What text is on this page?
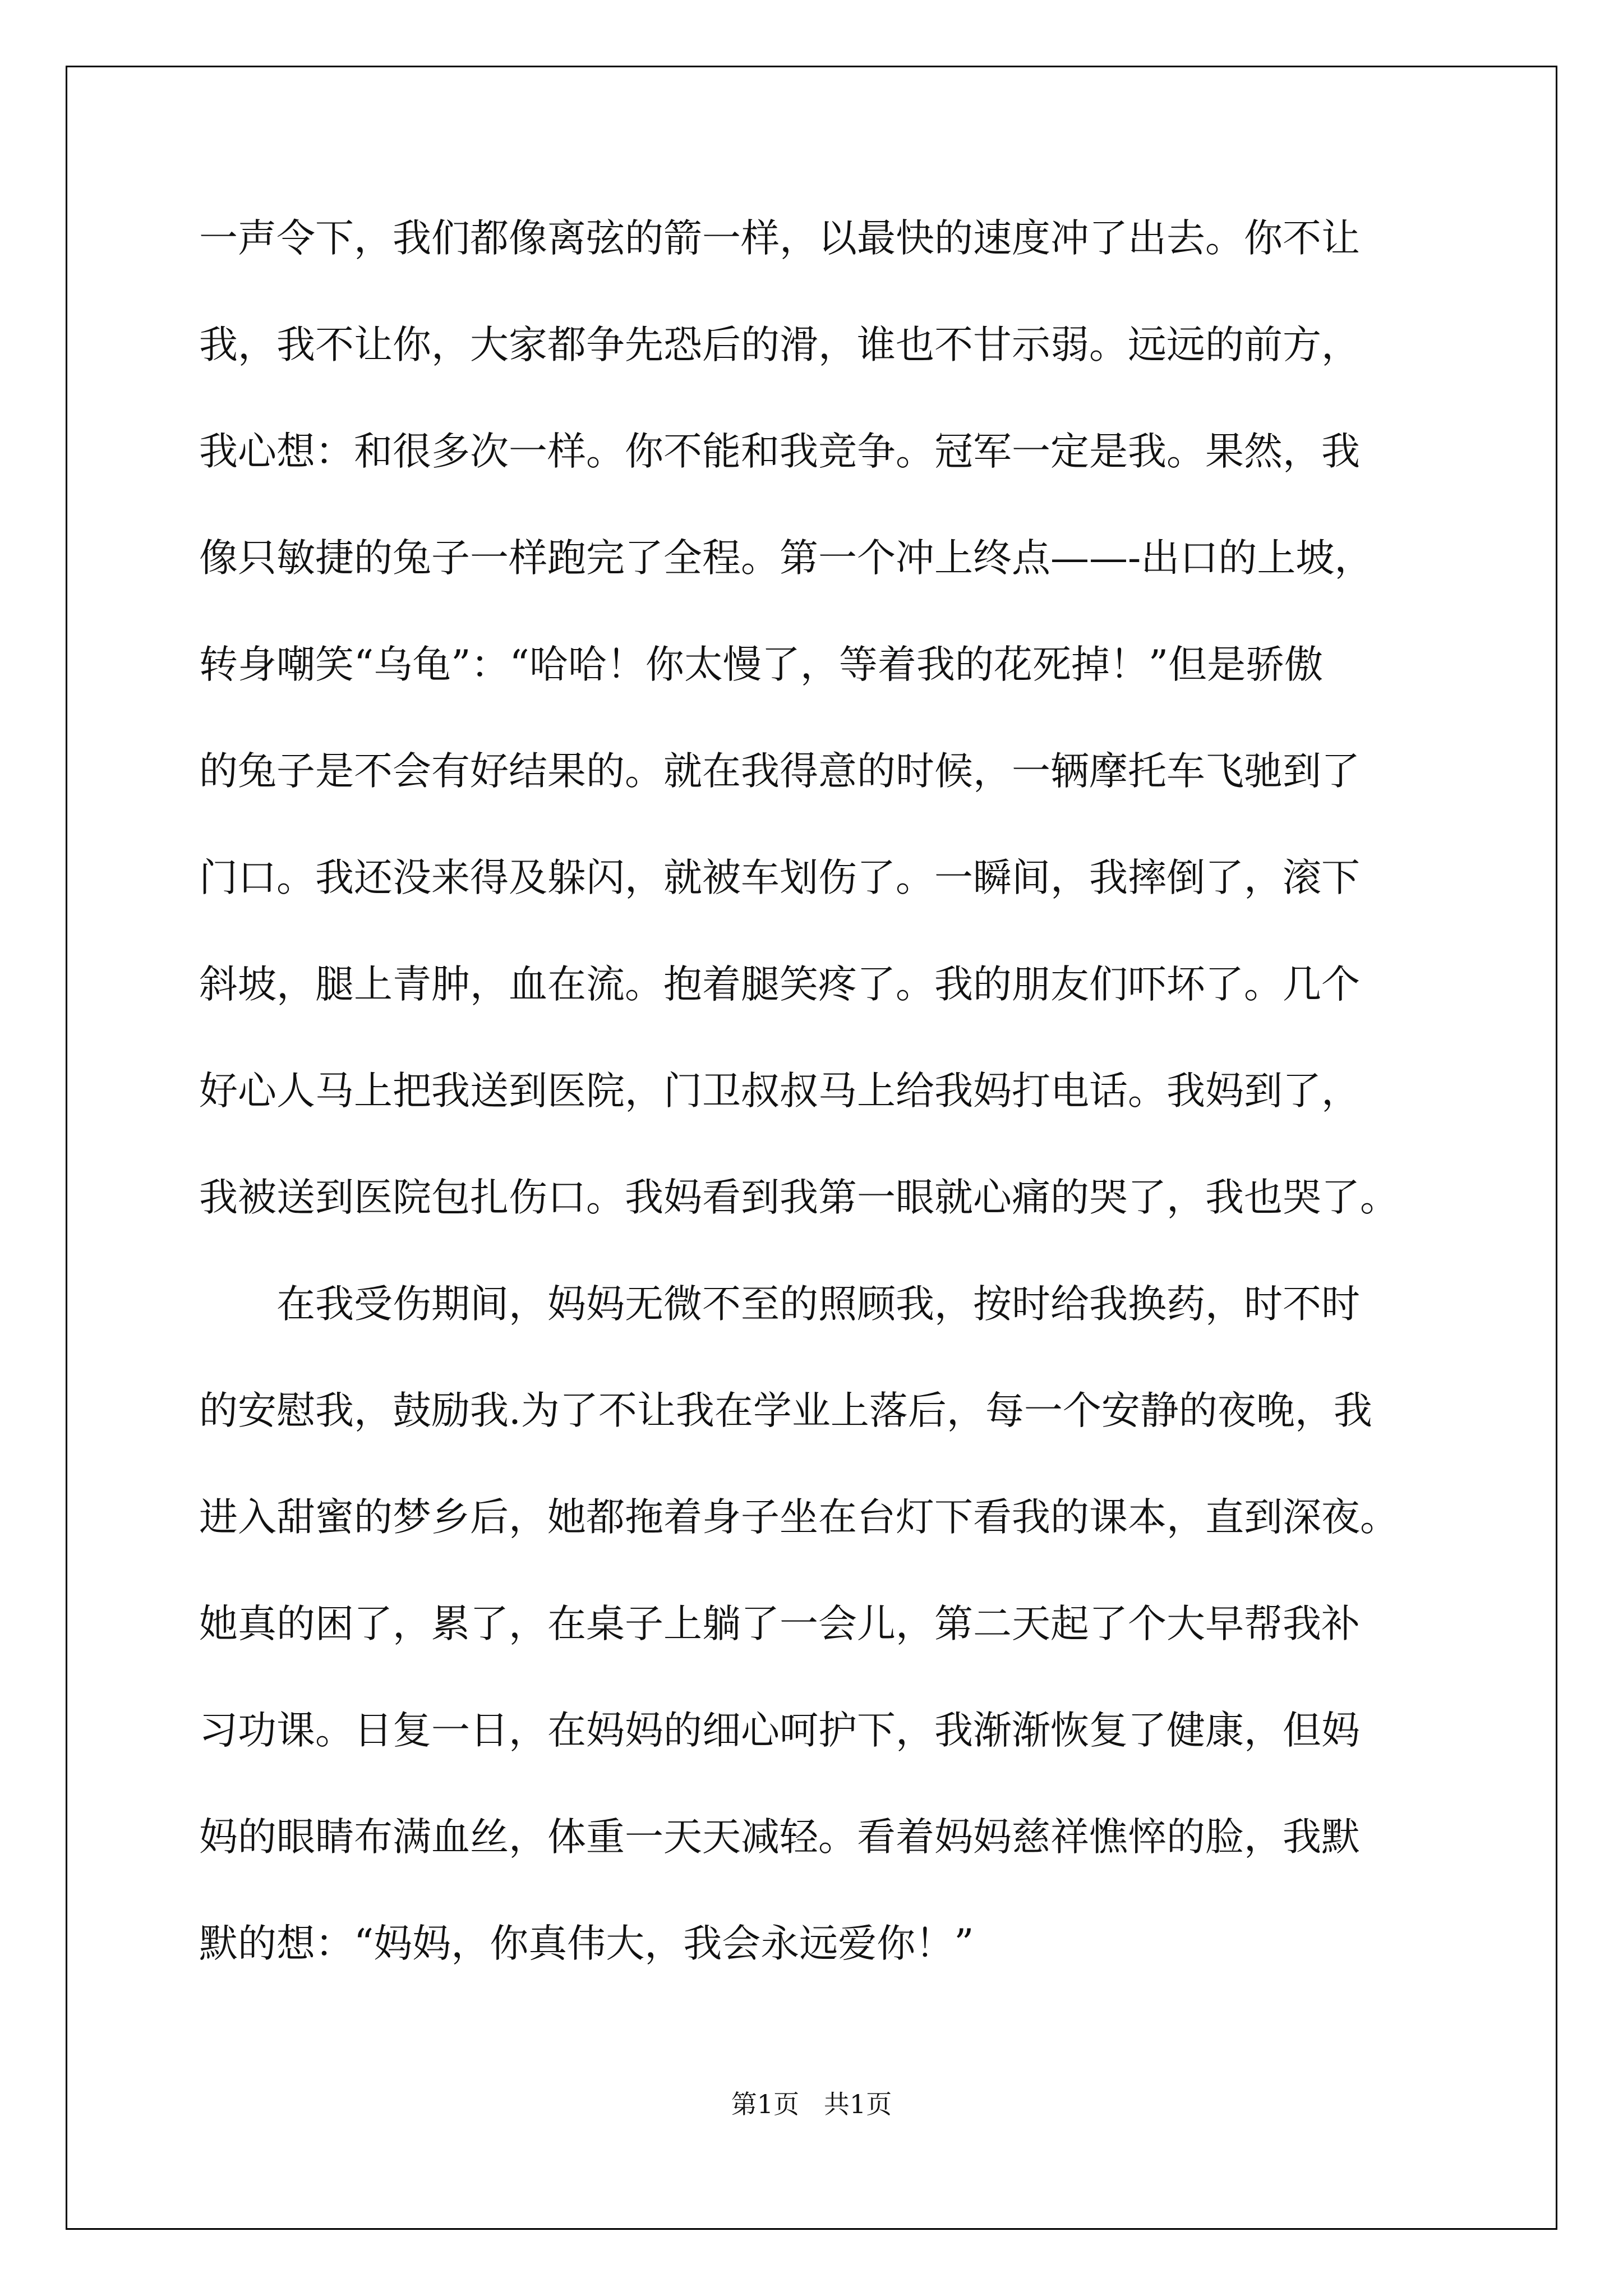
一声令下，我们都像离弦的箭一样，以最快的速度冲了出去。你不让
我，我不让你，大家都争先恐后的滑，谁也不甘示弱。远远的前方，
我心想：和很多次一样。你不能和我竞争。冠军一定是我。果然，我
像只敏捷的兔子一样跑完了全程。第一个冲上终点——-出口的上坡，
转身嘲笑“乌龟”：“哈哈！你太慢了，等着我的花死掉！”但是骄傲
的兔子是不会有好结果的。就在我得意的时候，一辆摩托车飞驰到了
门口。我还没来得及躲闪，就被车划伤了。一瞬间，我摔倒了，滚下
斜坡，腿上青肿，血在流。抱着腿笑疼了。我的朋友们吓坏了。几个
好心人马上把我送到医院，门卫叔叔马上给我妈打电话。我妈到了，
我被送到医院包扎伤口。我妈看到我第一眼就心痛的哭了，我也哭了。
　　在我受伤期间，妈妈无微不至的照顾我，按时给我换药，时不时
的安慰我，鼓励我.为了不让我在学业上落后，每一个安静的夜晚，我
进入甜蜜的梦乡后，她都拖着身子坐在台灯下看我的课本，直到深夜。
她真的困了，累了，在桌子上躺了一会儿，第二天起了个大早帮我补
习功课。日复一日，在妈妈的细心呵护下，我渐渐恢复了健康，但妈
妈的眼睛布满血丝，体重一天天减轻。看着妈妈慈祥憔悴的脸，我默
默的想：“妈妈，你真伟大，我会永远爱你！”
第1页   共1页
